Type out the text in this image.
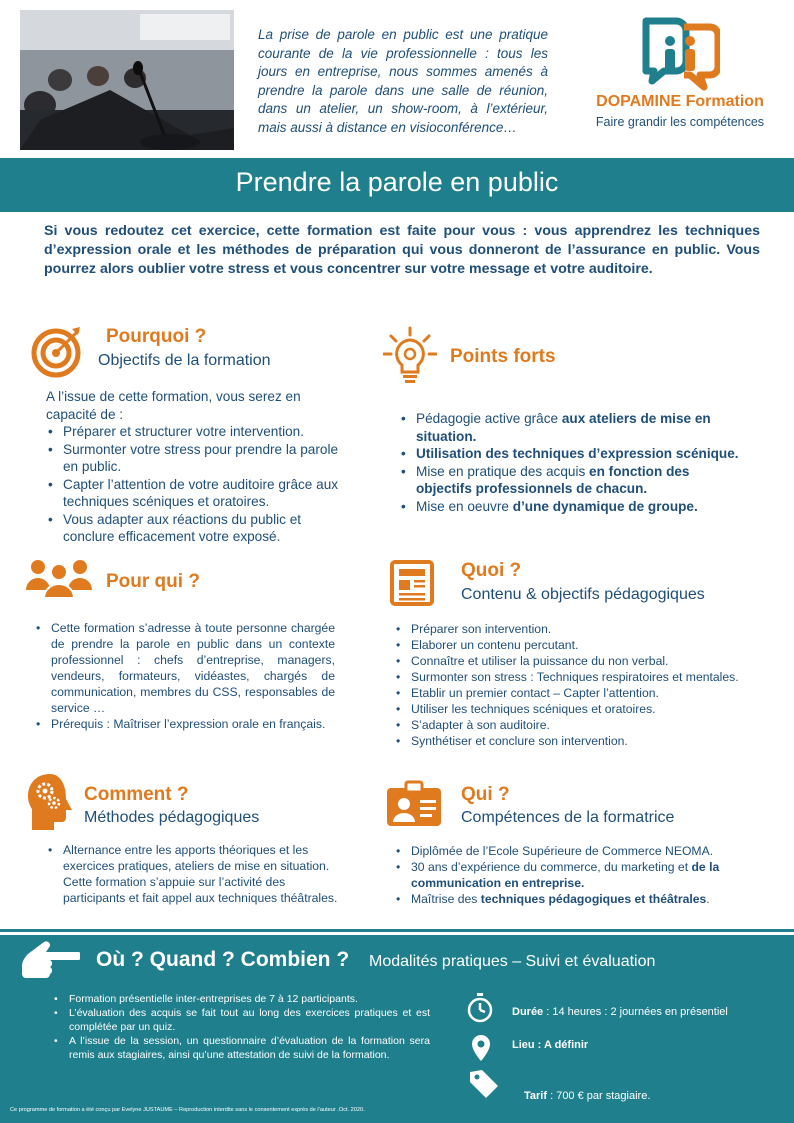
La prise de parole en public est une pratique courante de la vie professionnelle : tous les jours en entreprise, nous sommes amenés à prendre la parole dans une salle de réunion, dans un atelier, un show-room, à l’extérieur, mais aussi à distance en visioconférence…
DOPAMINE Formation
Faire grandir les compétences
Prendre la parole en public
Si vous redoutez cet exercice, cette formation est faite pour vous : vous apprendrez les techniques d’expression orale et les méthodes de préparation qui vous donneront de l’assurance en public. Vous pourrez alors oublier votre stress et vous concentrer sur votre message et votre auditoire.
Pourquoi ?
Objectifs de la formation
A l’issue de cette formation, vous serez en capacité de :
• Préparer et structurer votre intervention.
• Surmonter votre stress pour prendre la parole en public.
• Capter l’attention de votre auditoire grâce aux techniques scéniques et oratoires.
• Vous adapter aux réactions du public et conclure efficacement votre exposé.
Points forts
• Pédagogie active grâce aux ateliers de mise en situation.
• Utilisation des techniques d’expression scénique.
• Mise en pratique des acquis en fonction des objectifs professionnels de chacun.
• Mise en oeuvre d’une dynamique de groupe.
Pour qui ?
• Cette formation s’adresse à toute personne chargée de prendre la parole en public dans un contexte professionnel : chefs d’entreprise, managers, vendeurs, formateurs, vidéastes, chargés de communication, membres du CSS, responsables de service …
• Prérequis : Maîtriser l’expression orale en français.
Quoi ?
Contenu & objectifs pédagogiques
• Préparer son intervention.
• Elaborer un contenu percutant.
• Connaître et utiliser la puissance du non verbal.
• Surmonter son stress : Techniques respiratoires et mentales.
• Etablir un premier contact – Capter l’attention.
• Utiliser les techniques scéniques et oratoires.
• S’adapter à son auditoire.
• Synthétiser et conclure son intervention.
Comment ?
Méthodes pédagogiques
• Alternance entre les apports théoriques et les exercices pratiques, ateliers de mise en situation. Cette formation s’appuie sur l’activité des participants et fait appel aux techniques théâtrales.
Qui ?
Compétences de la formatrice
• Diplômée de l’Ecole Supérieure de Commerce NEOMA.
• 30 ans d’expérience du commerce, du marketing et de la communication en entreprise.
• Maîtrise des techniques pédagogiques et théâtrales.
Où ? Quand ? Combien ? Modalités pratiques – Suivi et évaluation
• Formation présentielle inter-entreprises de 7 à 12 participants.
• L’évaluation des acquis se fait tout au long des exercices pratiques et est complétée par un quiz.
• A l’issue de la session, un questionnaire d’évaluation de la formation sera remis aux stagiaires, ainsi qu’une attestation de suivi de la formation.
Durée : 14 heures : 2 journées en présentiel
Lieu : A définir
Tarif : 700 € par stagiaire.
Ce programme de formation a été conçu par Evelyne JUSTAUME – Reproduction interdite sans le consentement exprès de l’auteur .Oct. 2020.
